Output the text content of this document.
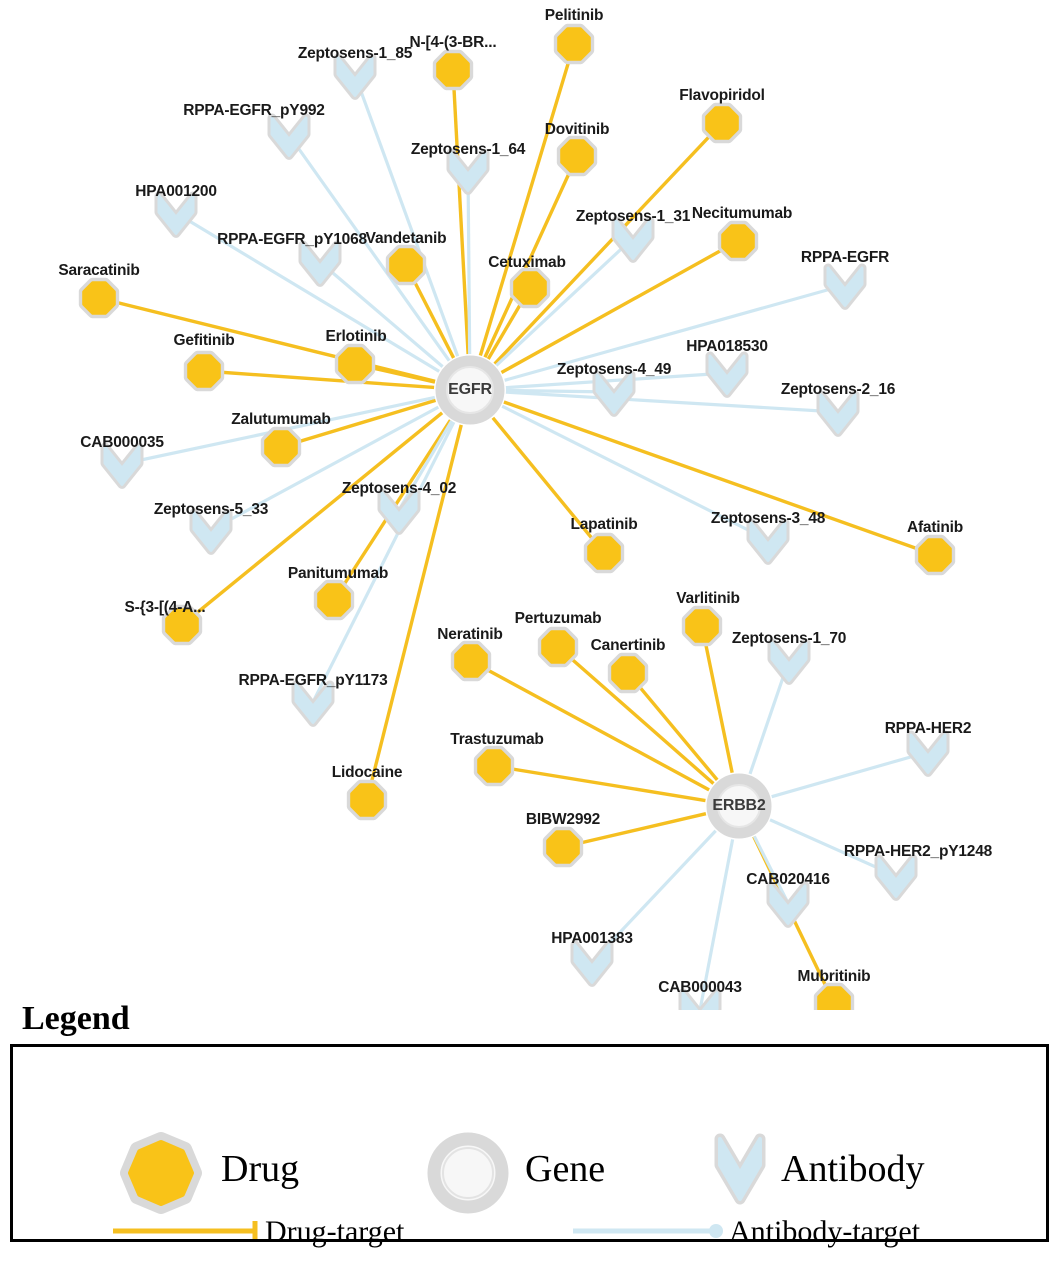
Zeptosens-1_85
RPPA-EGFR_pY992
Zeptosens-1_64
HPA001200
Zeptosens-1_31
RPPA-EGFR_pY1068
RPPA-EGFR
HPA018530
Zeptosens-4_49
Zeptosens-2_16
CAB000035
Zeptosens-4_02
Zeptosens-5_33
Zeptosens-3_48
Zeptosens-1_70
RPPA-EGFR_pY1173
RPPA-HER2
RPPA-HER2_pY1248
CAB020416
HPA001383
CAB000043
Pelitinib
N-[4-(3-BR...
Flavopiridol
Dovitinib
Necitumumab
Vandetanib
Cetuximab
Saracatinib
Gefitinib	Erlotinib
Zalutumumab
Afatinib
Lapatinib
Varlitinib
Panitumumab
S-{3-[(4-A...
Pertuzumab
Neratinib
Canertinib
Trastuzumab
Lidocaine
BIBW2992
Mubritinib
EGFR
ERBB2
Legend
Drug	Gene	Antibody
Drug-target	Antibody-target
